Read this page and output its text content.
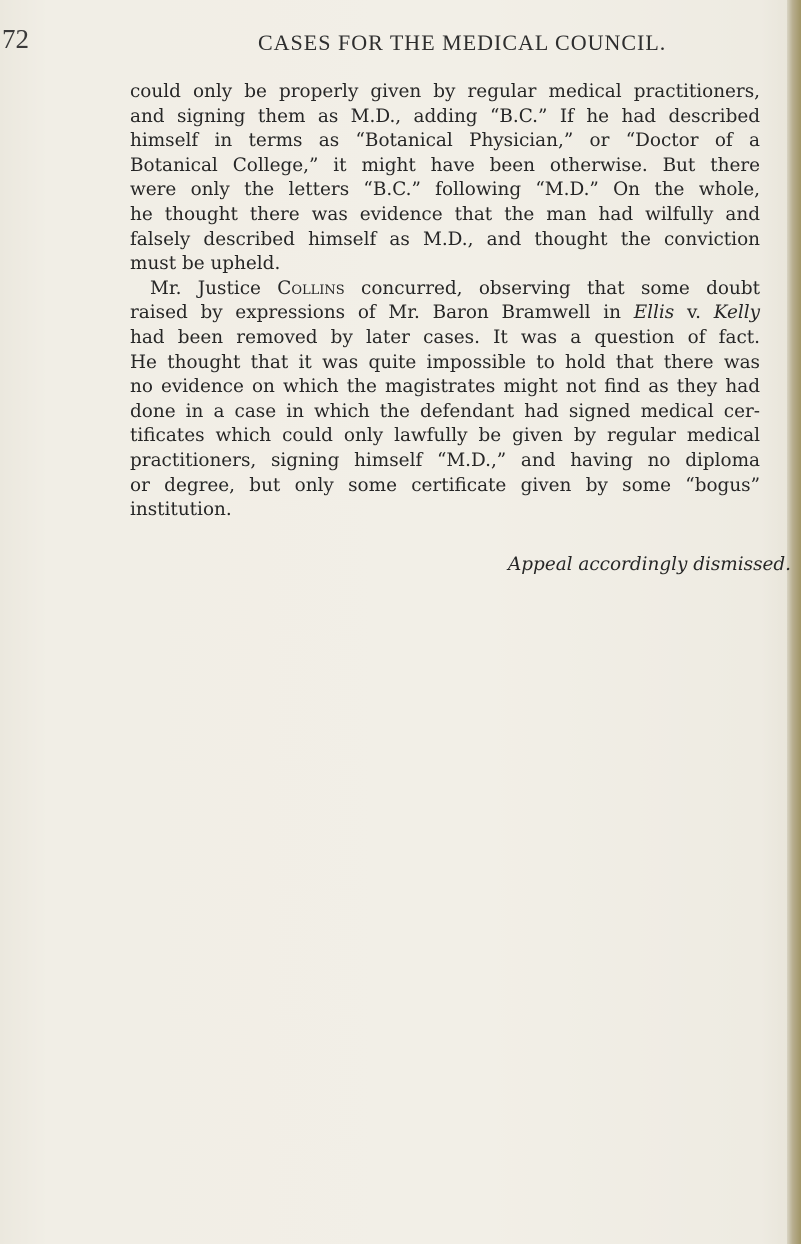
72	CASES FOR THE MEDICAL COUNCIL.
could only be properly given by regular medical practitioners,
and signing them as M.D., adding “B.C.” If he had described
himself in terms as “Botanical Physician,” or “Doctor of a
Botanical College,” it might have been otherwise. But there
were only the letters “B.C.” following “M.D.” On the whole,
he thought there was evidence that the man had wilfully and
falsely described himself as M.D., and thought the conviction
must be upheld.
Mr. Justice Collins concurred, observing that some doubt
raised by expressions of Mr. Baron Bramwell in Ellis v. Kelly
had been removed by later cases. It was a question of fact.
He thought that it was quite impossible to hold that there was
no evidence on which the magistrates might not find as they had
done in a case in which the defendant had signed medical cer-
tificates which could only lawfully be given by regular medical
practitioners, signing himself “M.D.,” and having no diploma
or degree, but only some certificate given by some “bogus”
institution.
Appeal accordingly dismissed.
